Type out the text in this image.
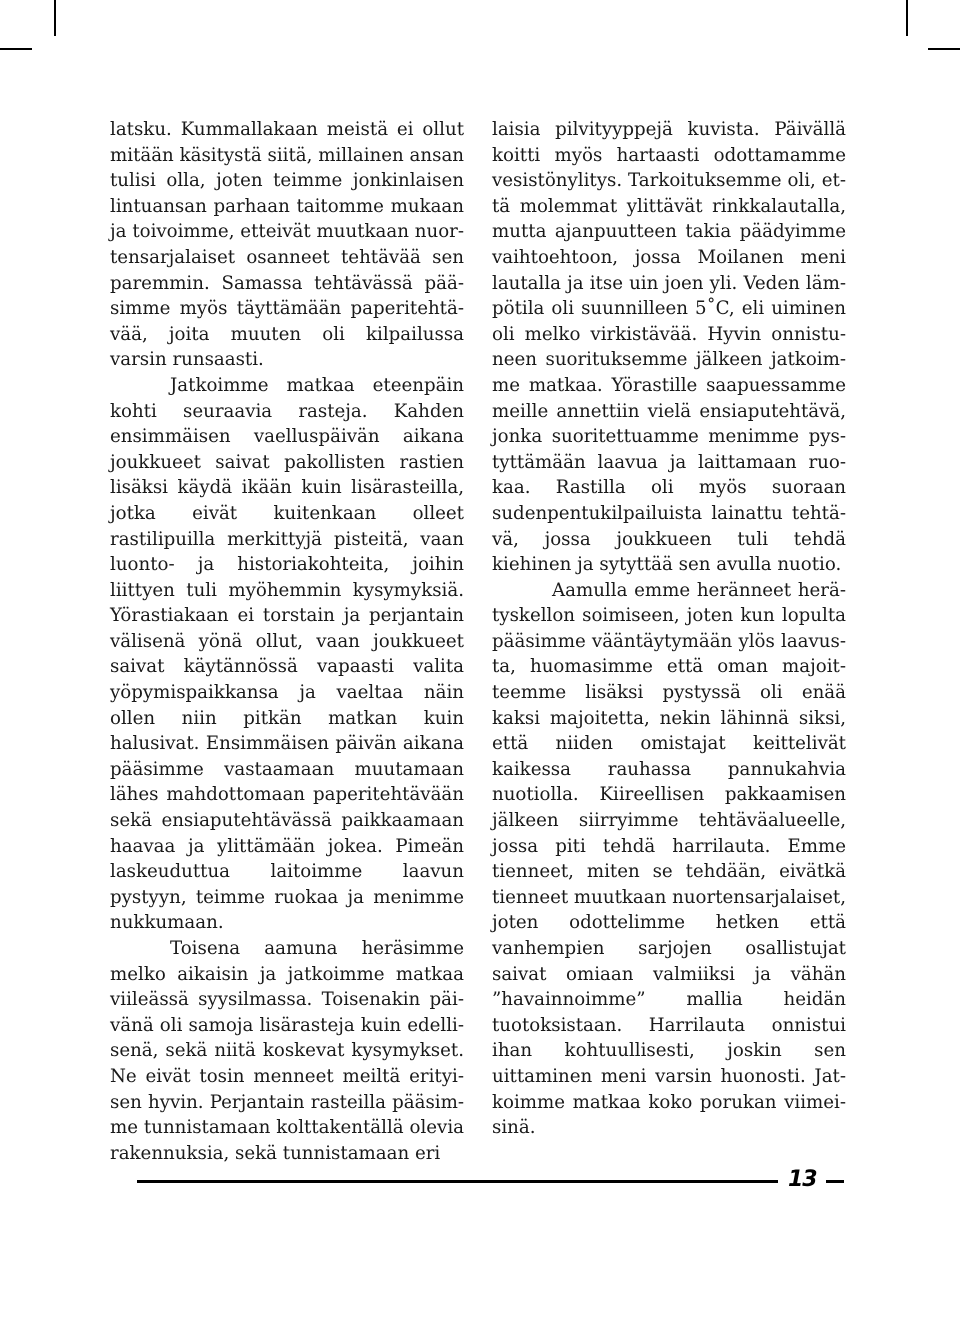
latsku. Kummallakaan meistä ei ollut mitään käsitystä siitä, millainen ansan tulisi olla, joten teimme jonkinlaisen lintuansan parhaan taitomme mukaan ja toivoimme, etteivät muutkaan nuortensarjalaiset osanneet tehtävää sen paremmin. Samassa tehtävässä pääsimme myös täyttämään paperitehtävää, joita muuten oli kilpailussa varsin runsaasti.

Jatkoimme matkaa eteenpäin kohti seuraavia rasteja. Kahden ensimmäisen vaelluspäivän aikana joukkueet saivat pakollisten rastien lisäksi käydä ikään kuin lisärasteilla, jotka eivät kuitenkaan olleet rastilipuilla merkittyjä pisteitä, vaan luonto- ja historiakohteita, joihin liittyen tuli myöhemmin kysymyksiä. Yörastiakaan ei torstain ja perjantain välisenä yönä ollut, vaan joukkueet saivat käytännössä vapaasti valita yöpymispaikkansa ja vaeltaa näin ollen niin pitkän matkan kuin halusivat. Ensimmäisen päivän aikana pääsimme vastaamaan muutamaan lähes mahdottomaan paperitehtävään sekä ensiaputehtävässä paikkaamaan haavaa ja ylittämään jokea. Pimeän laskeuduttua laitoimme laavun pystyyn, teimme ruokaa ja menimme nukkumaan.

Toisena aamuna heräsimme melko aikaisin ja jatkoimme matkaa viileässä syysilmassa. Toisenakin päivänä oli samoja lisärasteja kuin edellisenä, sekä niitä koskevat kysymykset. Ne eivät tosin menneet meiltä erityisen hyvin. Perjantain rasteilla pääsimme tunnistamaan kolttakentällä olevia rakennuksia, sekä tunnistamaan eri

laisia pilvityyppejä kuvista. Päivällä koitti myös hartaasti odottamamme vesistönylitys. Tarkoituksemme oli, että molemmat ylittävät rinkkalautalla, mutta ajanpuutteen takia päädyimme vaihtoehtoon, jossa Moilanen meni lautalla ja itse uin joen yli. Veden lämpötila oli suunnilleen 5˚C, eli uiminen oli melko virkistävää. Hyvin onnistuneen suorituksemme jälkeen jatkoimme matkaa. Yörastille saapuessamme meille annettiin vielä ensiaputehtävä, jonka suoritettuamme menimme pystyttämään laavua ja laittamaan ruokaa. Rastilla oli myös suoraan sudenpentukilpailuista lainattu tehtävä, jossa joukkueen tuli tehdä kiehinen ja sytyttää sen avulla nuotio.

Aamulla emme heränneet herätyskellon soimiseen, joten kun lopulta pääsimme vääntäytymään ylös laavusta, huomasimme että oman majoitteemme lisäksi pystyssä oli enää kaksi majoitetta, nekin lähinnä siksi, että niiden omistajat keittelivät kaikessa rauhassa pannukahvia nuotiolla. Kiireellisen pakkaamisen jälkeen siirryimme tehtäväalueelle, jossa piti tehdä harrilauta. Emme tienneet, miten se tehdään, eivätkä tienneet muutkaan nuortensarjalaiset, joten odottelimme hetken että vanhempien sarjojen osallistujat saivat omiaan valmiiksi ja vähän ”havainnoimme” mallia heidän tuotoksistaan. Harrilauta onnistui ihan kohtuullisesti, joskin sen uittaminen meni varsin huonosti. Jatkoimme matkaa koko porukan viimeisinä.

13
